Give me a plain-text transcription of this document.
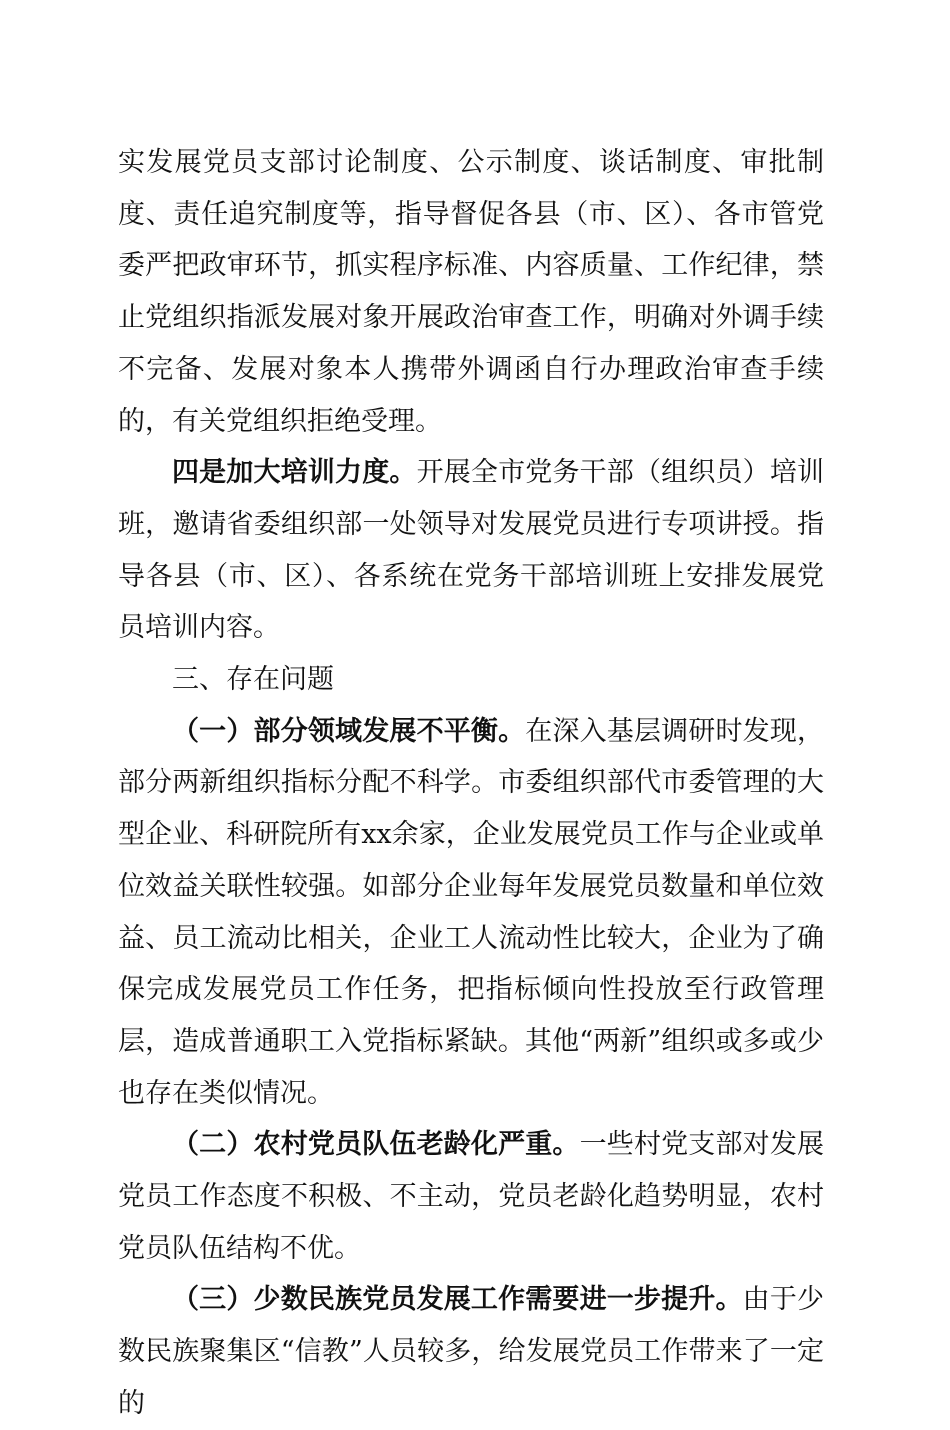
实发展党员支部讨论制度、公示制度、谈话制度、审批制度、责任追究制度等，指导督促各县（市、区）、各市管党委严把政审环节，抓实程序标准、内容质量、工作纪律，禁止党组织指派发展对象开展政治审查工作，明确对外调手续不完备、发展对象本人携带外调函自行办理政治审查手续的，有关党组织拒绝受理。

四是加大培训力度。开展全市党务干部（组织员）培训班，邀请省委组织部一处领导对发展党员进行专项讲授。指导各县（市、区）、各系统在党务干部培训班上安排发展党员培训内容。

三、存在问题

（一）部分领域发展不平衡。在深入基层调研时发现，部分两新组织指标分配不科学。市委组织部代市委管理的大型企业、科研院所有xx余家，企业发展党员工作与企业或单位效益关联性较强。如部分企业每年发展党员数量和单位效益、员工流动比相关，企业工人流动性比较大，企业为了确保完成发展党员工作任务，把指标倾向性投放至行政管理层，造成普通职工入党指标紧缺。其他“两新”组织或多或少也存在类似情况。

（二）农村党员队伍老龄化严重。一些村党支部对发展党员工作态度不积极、不主动，党员老龄化趋势明显，农村党员队伍结构不优。

（三）少数民族党员发展工作需要进一步提升。由于少数民族聚集区“信教”人员较多，给发展党员工作带来了一定的
